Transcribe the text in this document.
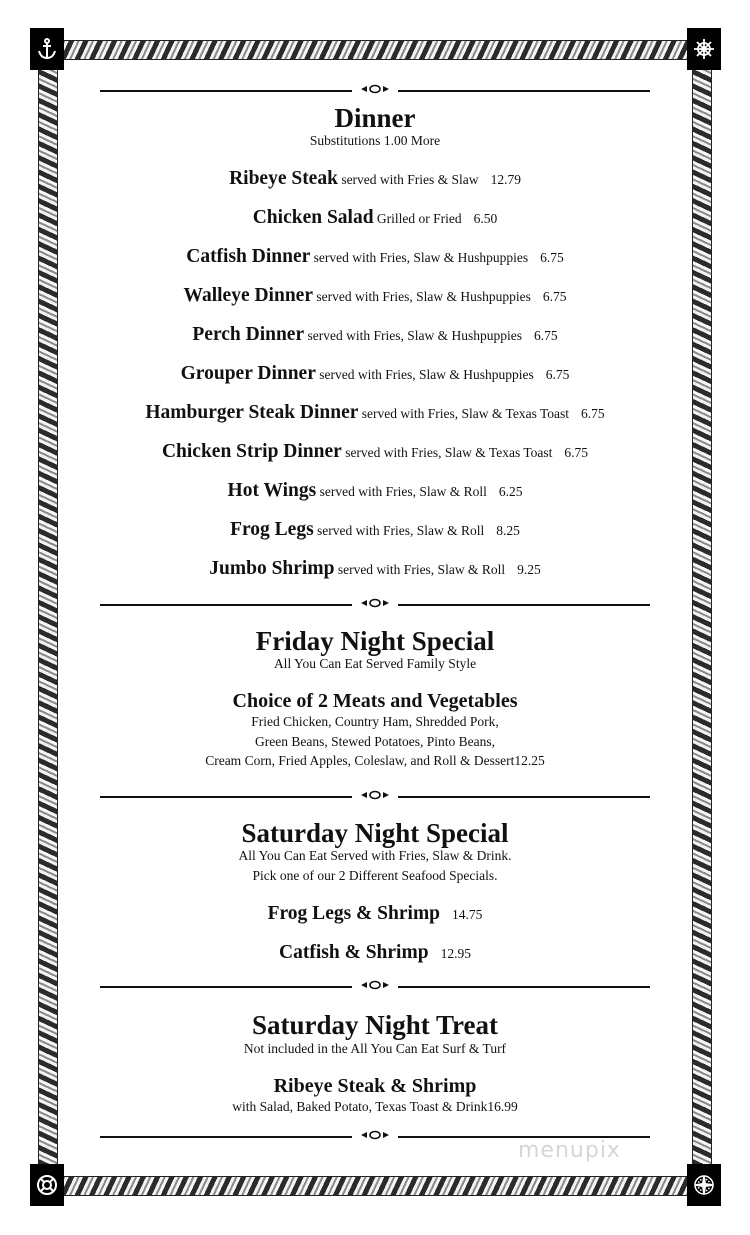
Dinner
Substitutions 1.00 More
Ribeye Steak served with Fries & Slaw 12.79
Chicken Salad Grilled or Fried 6.50
Catfish Dinner served with Fries, Slaw & Hushpuppies 6.75
Walleye Dinner served with Fries, Slaw & Hushpuppies 6.75
Perch Dinner served with Fries, Slaw & Hushpuppies 6.75
Grouper Dinner served with Fries, Slaw & Hushpuppies 6.75
Hamburger Steak Dinner served with Fries, Slaw & Texas Toast 6.75
Chicken Strip Dinner served with Fries, Slaw & Texas Toast 6.75
Hot Wings served with Fries, Slaw & Roll 6.25
Frog Legs served with Fries, Slaw & Roll 8.25
Jumbo Shrimp served with Fries, Slaw & Roll 9.25
Friday Night Special
All You Can Eat Served Family Style
Choice of 2 Meats and Vegetables
Fried Chicken, Country Ham, Shredded Pork,
Green Beans, Stewed Potatoes, Pinto Beans,
Cream Corn, Fried Apples, Coleslaw, and Roll & Dessert12.25
Saturday Night Special
All You Can Eat Served with Fries, Slaw & Drink.
Pick one of our 2 Different Seafood Specials.
Frog Legs & Shrimp 14.75
Catfish & Shrimp 12.95
Saturday Night Treat
Not included in the All You Can Eat Surf & Turf
Ribeye Steak & Shrimp
with Salad, Baked Potato, Texas Toast & Drink16.99
menupix
